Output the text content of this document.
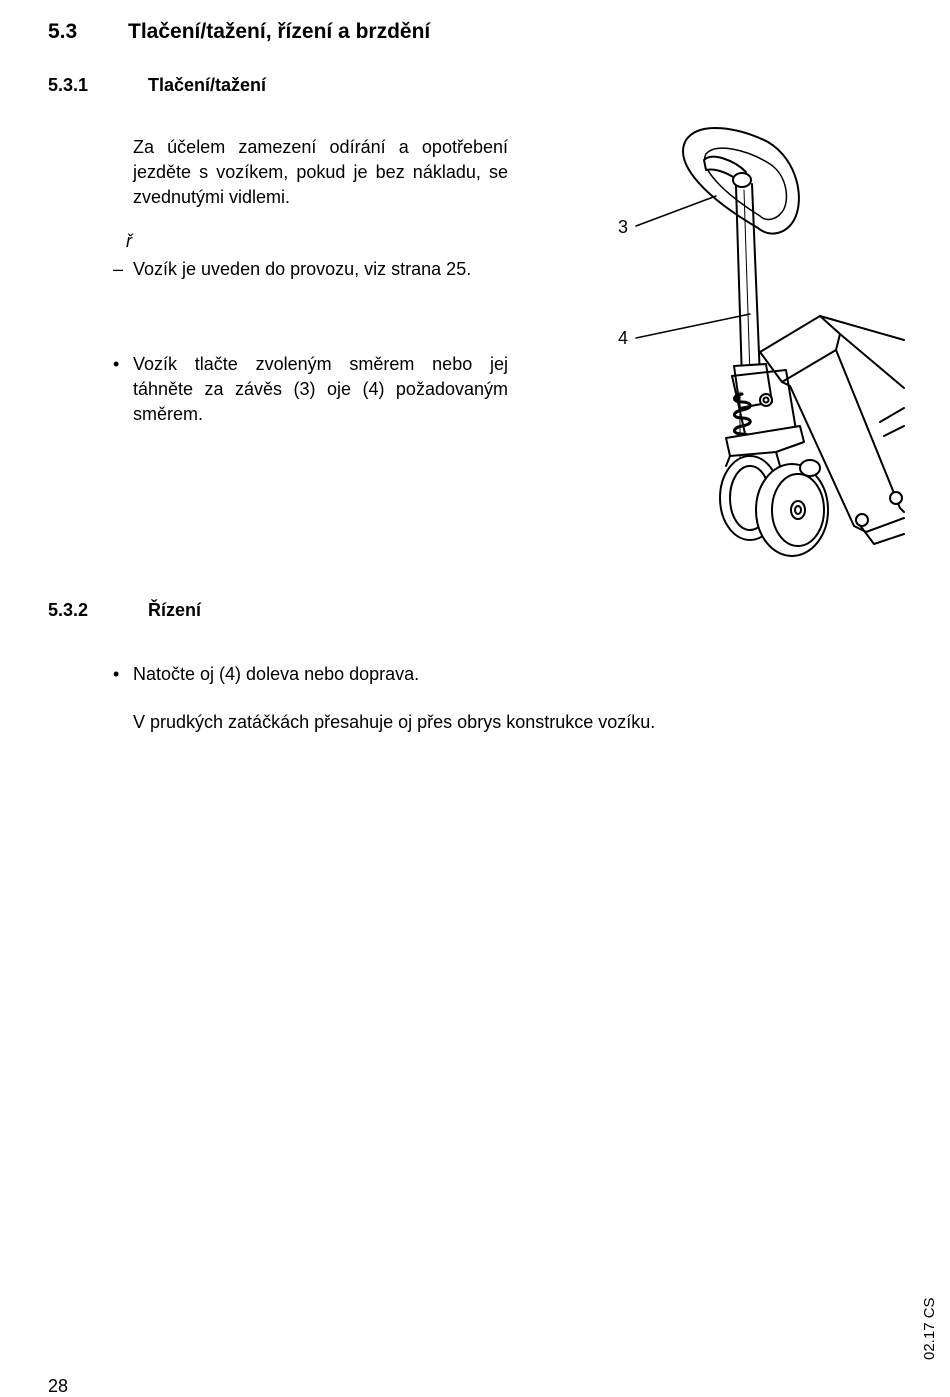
5.3 Tlačení/tažení, řízení a brzdění
5.3.1	Tlačení/tažení
Za účelem zamezení odírání a opotřebení jezděte s vozíkem, pokud je bez nákladu, se zvednutými vidlemi.
ř
– Vozík je uveden do provozu, viz strana 25.
• Vozík tlačte zvoleným směrem nebo jej táhněte za závěs (3) oje (4) požadovaným směrem.
3
4
5.3.2	Řízení
• Natočte oj (4) doleva nebo doprava.
V prudkých zatáčkách přesahuje oj přes obrys konstrukce vozíku.
02.17 CS
28
